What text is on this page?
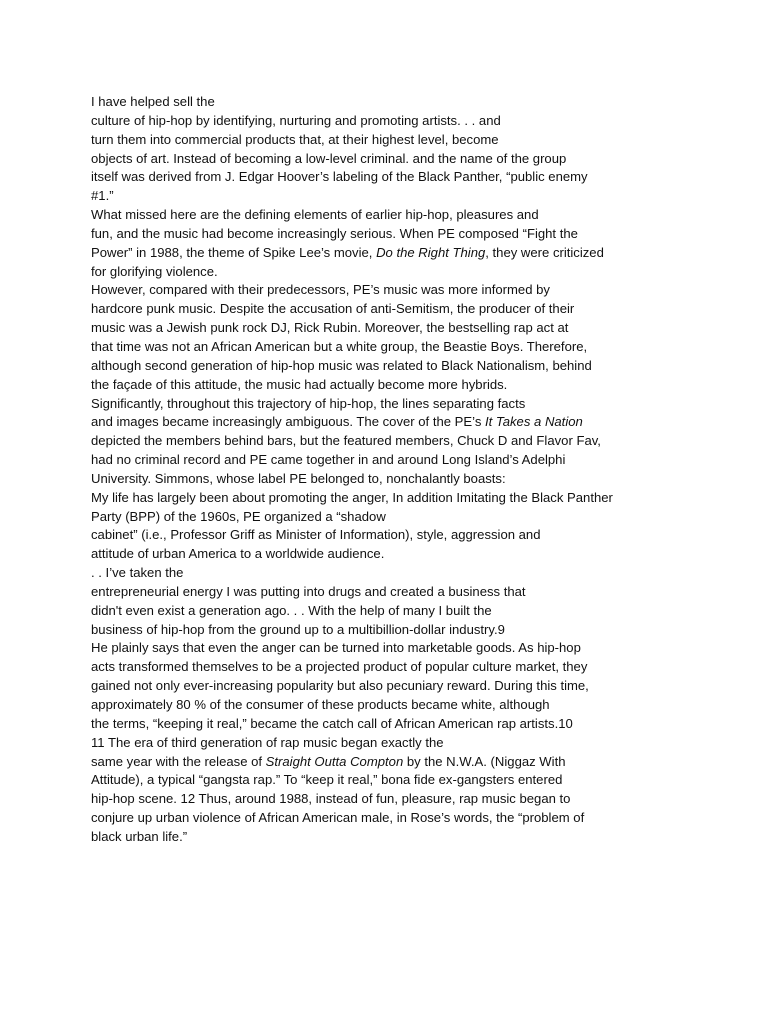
I have helped sell the
culture of hip-hop by identifying, nurturing and promoting artists. . . and
turn them into commercial products that, at their highest level, become
objects of art. Instead of becoming a low-level criminal. and the name of the group
itself was derived from J. Edgar Hoover’s labeling of the Black Panther, “public enemy
#1.”
What missed here are the defining elements of earlier hip-hop, pleasures and
fun, and the music had become increasingly serious. When PE composed “Fight the
Power” in 1988, the theme of Spike Lee’s movie, Do the Right Thing, they were criticized
for glorifying violence.
However, compared with their predecessors, PE’s music was more informed by
hardcore punk music. Despite the accusation of anti-Semitism, the producer of their
music was a Jewish punk rock DJ, Rick Rubin. Moreover, the bestselling rap act at
that time was not an African American but a white group, the Beastie Boys. Therefore,
although second generation of hip-hop music was related to Black Nationalism, behind
the façade of this attitude, the music had actually become more hybrids.
Significantly, throughout this trajectory of hip-hop, the lines separating facts
and images became increasingly ambiguous. The cover of the PE’s It Takes a Nation
depicted the members behind bars, but the featured members, Chuck D and Flavor Fav,
had no criminal record and PE came together in and around Long Island’s Adelphi
University. Simmons, whose label PE belonged to, nonchalantly boasts:
My life has largely been about promoting the anger, In addition Imitating the Black Panther
Party (BPP) of the 1960s, PE organized a “shadow
cabinet” (i.e., Professor Griff as Minister of Information), style, aggression and
attitude of urban America to a worldwide audience.
. . I’ve taken the
entrepreneurial energy I was putting into drugs and created a business that
didn't even exist a generation ago. . . With the help of many I built the
business of hip-hop from the ground up to a multibillion-dollar industry.9
He plainly says that even the anger can be turned into marketable goods. As hip-hop
acts transformed themselves to be a projected product of popular culture market, they
gained not only ever-increasing popularity but also pecuniary reward. During this time,
approximately 80 % of the consumer of these products became white, although
the terms, “keeping it real,” became the catch call of African American rap artists.10
11 The era of third generation of rap music began exactly the
same year with the release of Straight Outta Compton by the N.W.A. (Niggaz With
Attitude), a typical “gangsta rap.” To “keep it real,” bona fide ex-gangsters entered
hip-hop scene. 12 Thus, around 1988, instead of fun, pleasure, rap music began to
conjure up urban violence of African American male, in Rose’s words, the “problem of
black urban life.”
